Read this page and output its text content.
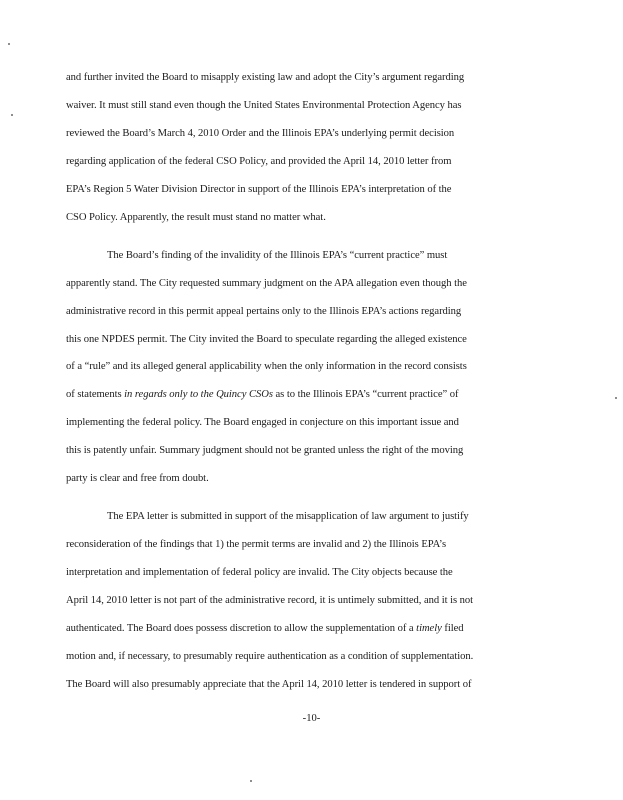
and further invited the Board to misapply existing law and adopt the City’s argument regarding
waiver. It must still stand even though the United States Environmental Protection Agency has
reviewed the Board’s March 4, 2010 Order and the Illinois EPA’s underlying permit decision
regarding application of the federal CSO Policy, and provided the April 14, 2010 letter from
EPA’s Region 5 Water Division Director in support of the Illinois EPA’s interpretation of the
CSO Policy. Apparently, the result must stand no matter what.
The Board’s finding of the invalidity of the Illinois EPA’s “current practice” must
apparently stand. The City requested summary judgment on the APA allegation even though the
administrative record in this permit appeal pertains only to the Illinois EPA’s actions regarding
this one NPDES permit. The City invited the Board to speculate regarding the alleged existence
of a “rule” and its alleged general applicability when the only information in the record consists
of statements in regards only to the Quincy CSOs as to the Illinois EPA’s “current practice” of
implementing the federal policy. The Board engaged in conjecture on this important issue and
this is patently unfair. Summary judgment should not be granted unless the right of the moving
party is clear and free from doubt.
The EPA letter is submitted in support of the misapplication of law argument to justify
reconsideration of the findings that 1) the permit terms are invalid and 2) the Illinois EPA’s
interpretation and implementation of federal policy are invalid. The City objects because the
April 14, 2010 letter is not part of the administrative record, it is untimely submitted, and it is not
authenticated. The Board does possess discretion to allow the supplementation of a timely filed
motion and, if necessary, to presumably require authentication as a condition of supplementation.
The Board will also presumably appreciate that the April 14, 2010 letter is tendered in support of
-10-
